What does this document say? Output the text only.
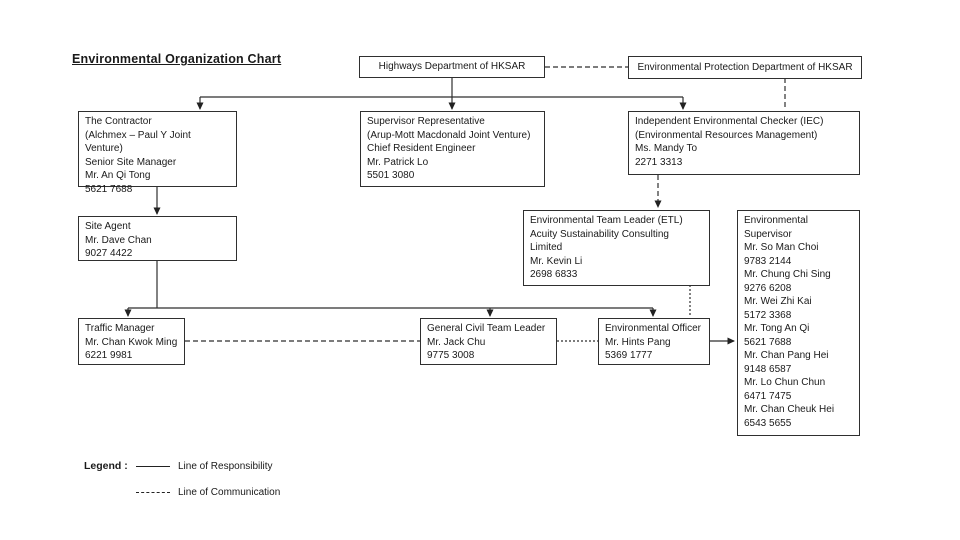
Environmental Organization Chart
Highways Department of HKSAR	Environmental Protection Department of HKSAR
The Contractor
(Alchmex – Paul Y Joint Venture)
Senior Site Manager
Mr. An Qi Tong
5621 7688
Supervisor Representative
(Arup-Mott Macdonald Joint Venture)
Chief Resident Engineer
Mr. Patrick Lo
5501 3080
Independent Environmental Checker (IEC)
(Environmental Resources Management)
Ms. Mandy To
2271 3313
Environmental Team Leader (ETL)
Acuity Sustainability Consulting
Limited
Mr. Kevin Li
2698 6833
Environmental
Supervisor
Mr. So Man Choi
9783 2144
Mr. Chung Chi Sing
9276 6208
Mr. Wei Zhi Kai
5172 3368
Mr. Tong An Qi
5621 7688
Mr. Chan Pang Hei
9148 6587
Mr. Lo Chun Chun
6471 7475
Mr. Chan Cheuk Hei
6543 5655
Site Agent
Mr. Dave Chan
9027 4422
Traffic Manager
Mr. Chan Kwok Ming
6221 9981
General Civil Team Leader
Mr. Jack Chu
9775 3008
Environmental Officer
Mr. Hints Pang
5369 1777
Legend :	Line of Responsibility
Line of Communication
